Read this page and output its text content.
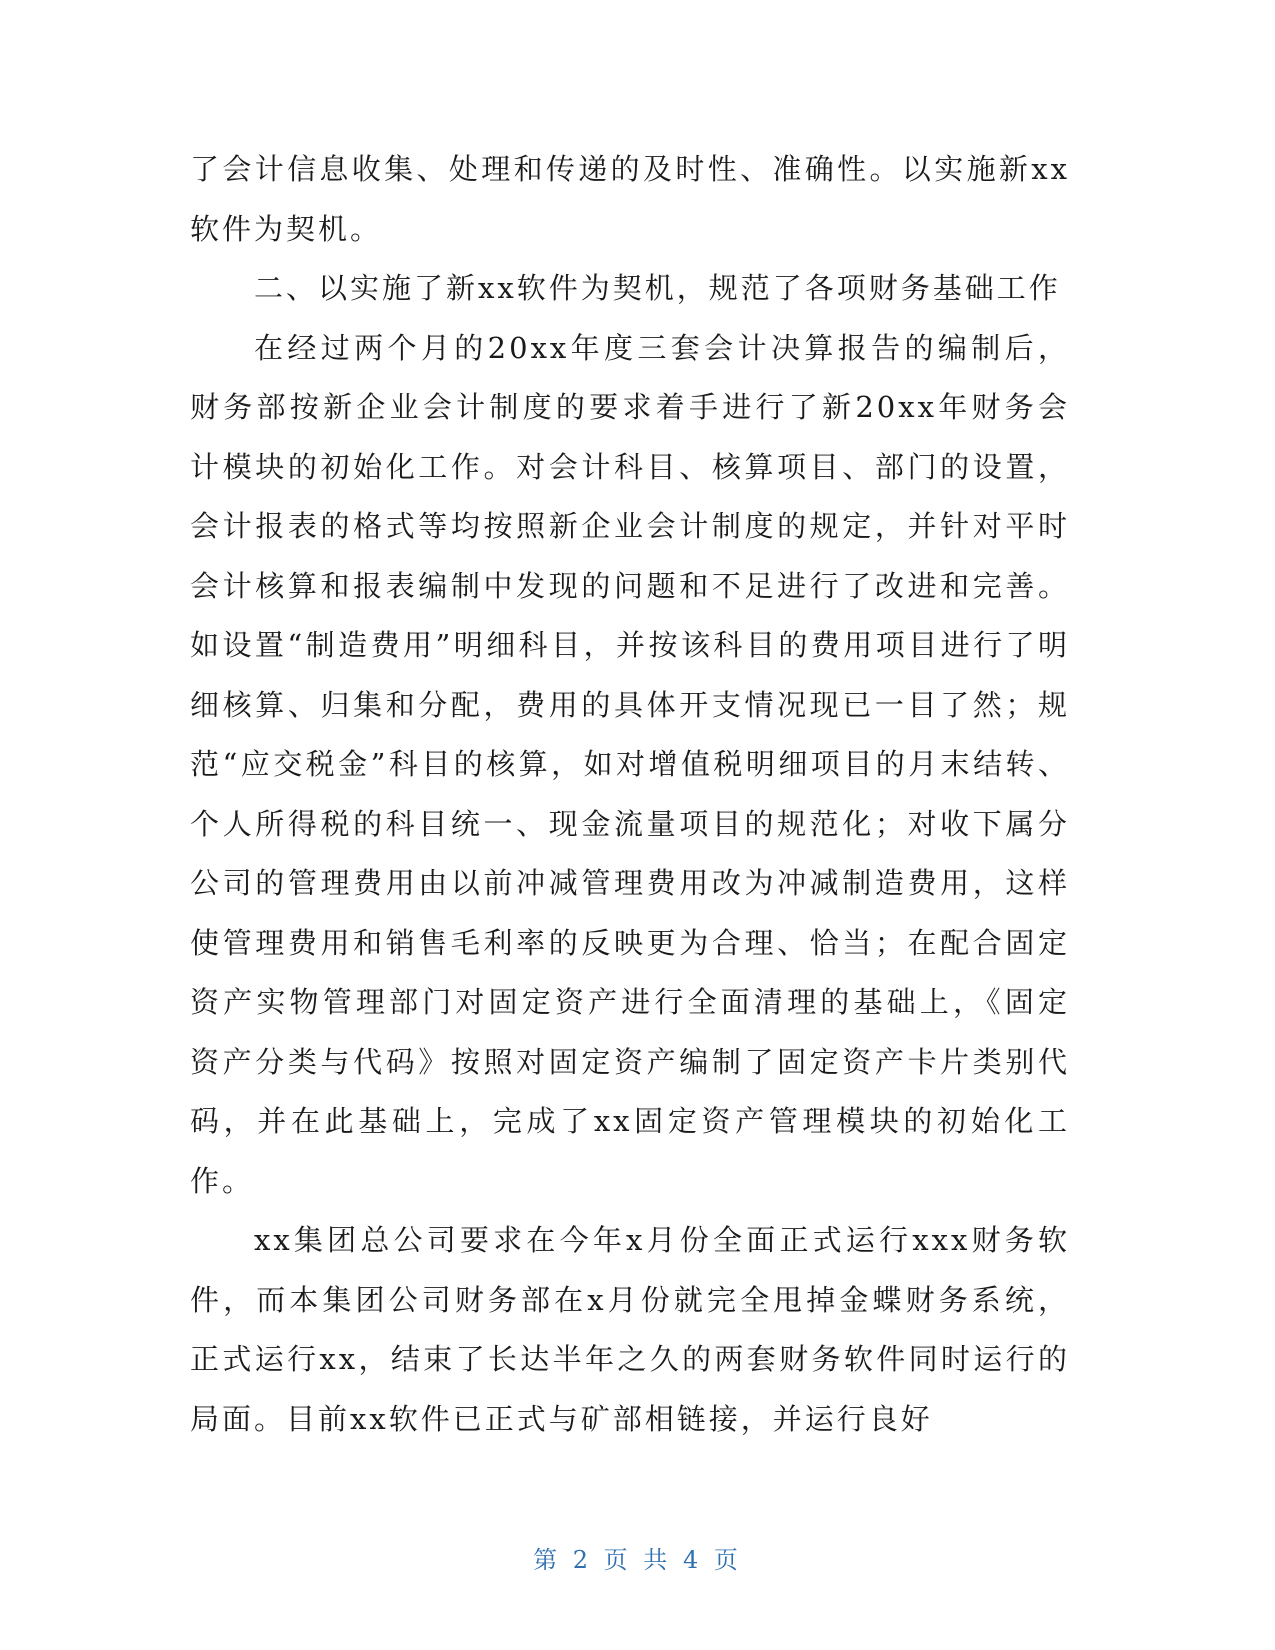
了会计信息收集、处理和传递的及时性、准确性。以实施新xx软件为契机。

二、以实施了新xx软件为契机，规范了各项财务基础工作

在经过两个月的20xx年度三套会计决算报告的编制后，财务部按新企业会计制度的要求着手进行了新20xx年财务会计模块的初始化工作。对会计科目、核算项目、部门的设置，会计报表的格式等均按照新企业会计制度的规定，并针对平时会计核算和报表编制中发现的问题和不足进行了改进和完善。如设置“制造费用”明细科目，并按该科目的费用项目进行了明细核算、归集和分配，费用的具体开支情况现已一目了然；规范“应交税金”科目的核算，如对增值税明细项目的月末结转、个人所得税的科目统一、现金流量项目的规范化；对收下属分公司的管理费用由以前冲减管理费用改为冲减制造费用，这样使管理费用和销售毛利率的反映更为合理、恰当；在配合固定资产实物管理部门对固定资产进行全面清理的基础上，《固定资产分类与代码》按照对固定资产编制了固定资产卡片类别代码，并在此基础上，完成了xx固定资产管理模块的初始化工作。

xx集团总公司要求在今年x月份全面正式运行xxx财务软件，而本集团公司财务部在x月份就完全甩掉金蝶财务系统，正式运行xx，结束了长达半年之久的两套财务软件同时运行的局面。目前xx软件已正式与矿部相链接，并运行良好

第 2 页 共 4 页
